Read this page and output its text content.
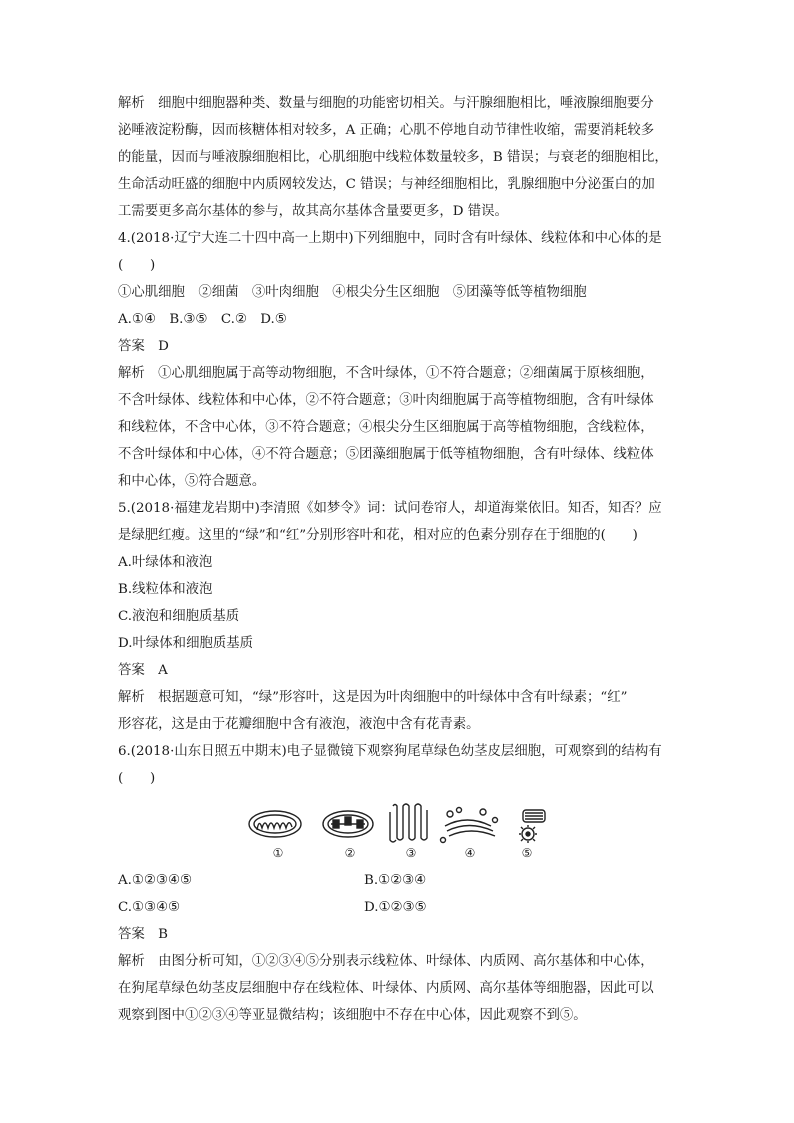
解析　细胞中细胞器种类、数量与细胞的功能密切相关。与汗腺细胞相比，唾液腺细胞要分
泌唾液淀粉酶，因而核糖体相对较多，A 正确；心肌不停地自动节律性收缩，需要消耗较多
的能量，因而与唾液腺细胞相比，心肌细胞中线粒体数量较多，B 错误；与衰老的细胞相比，
生命活动旺盛的细胞中内质网较发达，C 错误；与神经细胞相比，乳腺细胞中分泌蛋白的加
工需要更多高尔基体的参与，故其高尔基体含量要更多，D 错误。
4.(2018·辽宁大连二十四中高一上期中)下列细胞中，同时含有叶绿体、线粒体和中心体的是
(　　)
①心肌细胞　②细菌　③叶肉细胞　④根尖分生区细胞　⑤团藻等低等植物细胞
A.①④　B.③⑤　C.②　D.⑤
答案　D
解析　①心肌细胞属于高等动物细胞，不含叶绿体，①不符合题意；②细菌属于原核细胞，
不含叶绿体、线粒体和中心体，②不符合题意；③叶肉细胞属于高等植物细胞，含有叶绿体
和线粒体，不含中心体，③不符合题意；④根尖分生区细胞属于高等植物细胞，含线粒体，
不含叶绿体和中心体，④不符合题意；⑤团藻细胞属于低等植物细胞，含有叶绿体、线粒体
和中心体，⑤符合题意。
5.(2018·福建龙岩期中)李清照《如梦令》词：试问卷帘人，却道海棠依旧。知否，知否？应
是绿肥红瘦。这里的“绿”和“红”分别形容叶和花，相对应的色素分别存在于细胞的(　　)
A.叶绿体和液泡
B.线粒体和液泡
C.液泡和细胞质基质
D.叶绿体和细胞质基质
答案　A
解析　根据题意可知，“绿”形容叶，这是因为叶肉细胞中的叶绿体中含有叶绿素；“红”
形容花，这是由于花瓣细胞中含有液泡，液泡中含有花青素。
6.(2018·山东日照五中期末)电子显微镜下观察狗尾草绿色幼茎皮层细胞，可观察到的结构有
(　　)
①	②	③	④	⑤
A.①②③④⑤	B.①②③④
C.①③④⑤	D.①②③⑤
答案　B
解析　由图分析可知，①②③④⑤分别表示线粒体、叶绿体、内质网、高尔基体和中心体，
在狗尾草绿色幼茎皮层细胞中存在线粒体、叶绿体、内质网、高尔基体等细胞器，因此可以
观察到图中①②③④等亚显微结构；该细胞中不存在中心体，因此观察不到⑤。
